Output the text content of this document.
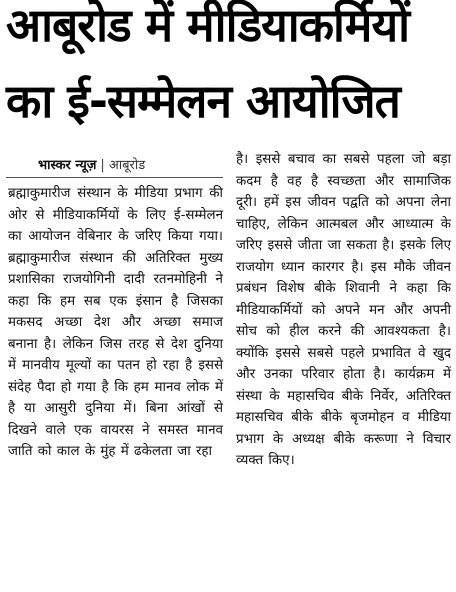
आबूरोड में मीडियाकर्मियों
का ई-सम्मेलन आयोजित
भास्कर न्यूज़ | आबूरोड

ब्रह्माकुमारीज संस्थान के मीडिया प्रभाग की ओर से मीडियाकर्मियों के लिए ई-सम्मेलन का आयोजन वेबिनार के जरिए किया गया। ब्रह्माकुमारीज संस्थान की अतिरिक्त मुख्य प्रशासिका राजयोगिनी दादी रतनमोहिनी ने कहा कि हम सब एक इंसान है जिसका मकसद अच्छा देश और अच्छा समाज बनाना है। लेकिन जिस तरह से देश दुनिया में मानवीय मूल्यों का पतन हो रहा है इससे संदेह पैदा हो गया है कि हम मानव लोक में है या आसुरी दुनिया में। बिना आंखों से दिखने वाले एक वायरस ने समस्त मानव जाति को काल के मुंह में ढकेलता जा रहा

है। इससे बचाव का सबसे पहला जो बड़ा कदम है वह है स्वच्छता और सामाजिक दूरी। हमें इस जीवन पद्वति को अपना लेना चाहिए, लेकिन आत्मबल और आध्यात्म के जरिए इससे जीता जा सकता है। इसके लिए राजयोग ध्यान कारगर है। इस मौके जीवन प्रबंधन विशेष बीके शिवानी ने कहा कि मीडियाकर्मियों को अपने मन और अपनी सोच को हील करने की आवश्यकता है। क्योंकि इससे सबसे पहले प्रभावित वे खुद और उनका परिवार होता है। कार्यक्रम में संस्था के महासचिव बीके निर्वेर, अतिरिक्त महासचिव बीके बीके बृजमोहन व मीडिया प्रभाग के अध्यक्ष बीके करूणा ने विचार व्यक्त किए।
